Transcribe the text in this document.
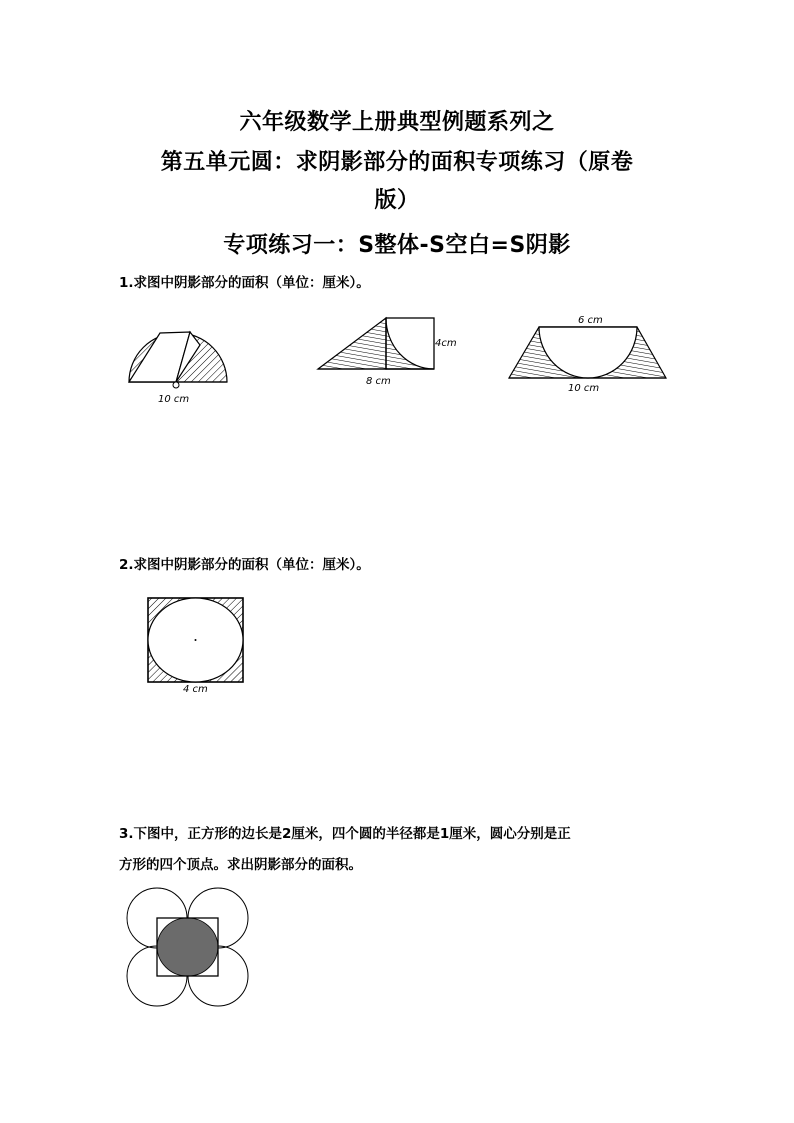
六年级数学上册典型例题系列之
第五单元圆：求阴影部分的面积专项练习（原卷
版）
专项练习一：S整体-S空白=S阴影
1.求图中阴影部分的面积（单位：厘米）。
10 cm
8 cm
4cm
6 cm
10 cm
4 cm
2.求图中阴影部分的面积（单位：厘米）。
3.下图中，正方形的边长是2厘米，四个圆的半径都是1厘米，圆心分别是正
方形的四个顶点。求出阴影部分的面积。
